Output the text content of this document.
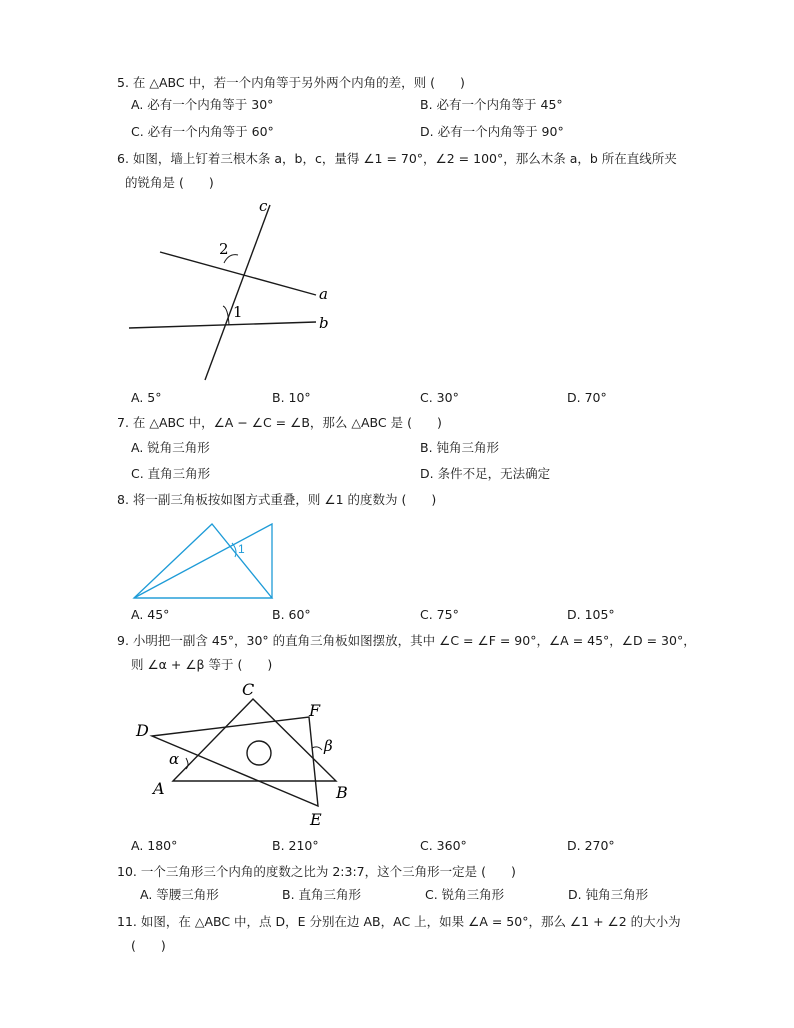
5. 在 △ABC 中，若一个内角等于另外两个内角的差，则 (　　)
A. 必有一个内角等于 30°	B. 必有一个内角等于 45°
C. 必有一个内角等于 60°	D. 必有一个内角等于 90°
6. 如图，墙上钉着三根木条 a，b，c，量得 ∠1 = 70°，∠2 = 100°，那么木条 a，b 所在直线所夹
的锐角是 (　　)
c
a
b
2
1
A. 5°	B. 10°	C. 30°	D. 70°
7. 在 △ABC 中，∠A − ∠C = ∠B，那么 △ABC 是 (　　)
A. 锐角三角形	B. 钝角三角形
C. 直角三角形	D. 条件不足，无法确定
8. 将一副三角板按如图方式重叠，则 ∠1 的度数为 (　　)
1
A. 45°	B. 60°	C. 75°	D. 105°
9. 小明把一副含 45°，30° 的直角三角板如图摆放，其中 ∠C = ∠F = 90°，∠A = 45°，∠D = 30°，
则 ∠α + ∠β 等于 (　　)
C
F
D
α
β
A	B
E
A. 180°	B. 210°	C. 360°	D. 270°
10. 一个三角形三个内角的度数之比为 2:3:7，这个三角形一定是 (　　)
A. 等腰三角形	B. 直角三角形	C. 锐角三角形	D. 钝角三角形
11. 如图，在 △ABC 中，点 D，E 分别在边 AB，AC 上，如果 ∠A = 50°，那么 ∠1 + ∠2 的大小为
(　　)
